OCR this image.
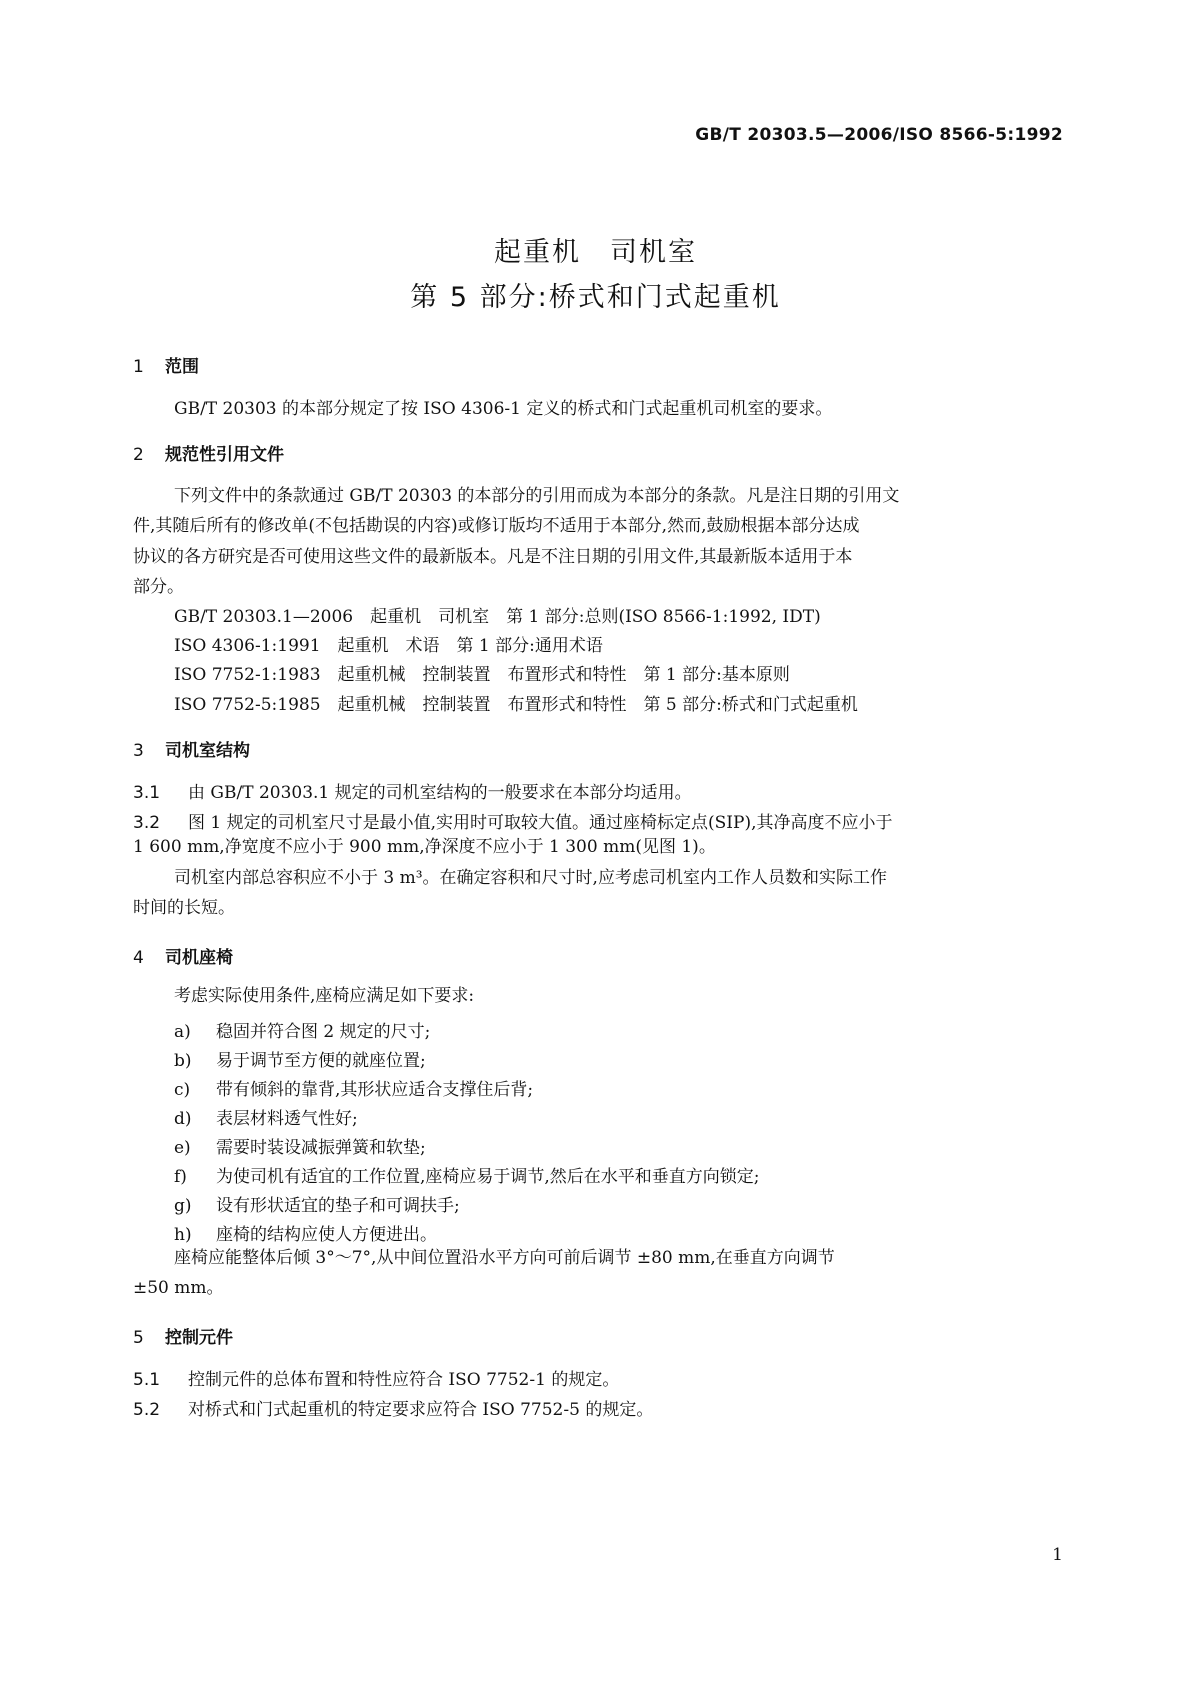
GB/T 20303.5—2006/ISO 8566-5:1992
起重机　司机室
第 5 部分:桥式和门式起重机
1 范围
GB/T 20303 的本部分规定了按 ISO 4306-1 定义的桥式和门式起重机司机室的要求。
2 规范性引用文件
下列文件中的条款通过 GB/T 20303 的本部分的引用而成为本部分的条款。凡是注日期的引用文
件,其随后所有的修改单(不包括勘误的内容)或修订版均不适用于本部分,然而,鼓励根据本部分达成
协议的各方研究是否可使用这些文件的最新版本。凡是不注日期的引用文件,其最新版本适用于本
部分。
GB/T 20303.1—2006　起重机　司机室　第 1 部分:总则(ISO 8566-1:1992, IDT)
ISO 4306-1:1991　起重机　术语　第 1 部分:通用术语
ISO 7752-1:1983　起重机械　控制装置　布置形式和特性　第 1 部分:基本原则
ISO 7752-5:1985　起重机械　控制装置　布置形式和特性　第 5 部分:桥式和门式起重机
3 司机室结构
3.1 由 GB/T 20303.1 规定的司机室结构的一般要求在本部分均适用。
3.2 图 1 规定的司机室尺寸是最小值,实用时可取较大值。通过座椅标定点(SIP),其净高度不应小于
1 600 mm,净宽度不应小于 900 mm,净深度不应小于 1 300 mm(见图 1)。
司机室内部总容积应不小于 3 m³。在确定容积和尺寸时,应考虑司机室内工作人员数和实际工作
时间的长短。
4 司机座椅
考虑实际使用条件,座椅应满足如下要求:
a) 稳固并符合图 2 规定的尺寸;
b) 易于调节至方便的就座位置;
c) 带有倾斜的靠背,其形状应适合支撑住后背;
d) 表层材料透气性好;
e) 需要时装设减振弹簧和软垫;
f) 为使司机有适宜的工作位置,座椅应易于调节,然后在水平和垂直方向锁定;
g) 设有形状适宜的垫子和可调扶手;
h) 座椅的结构应使人方便进出。
座椅应能整体后倾 3°～7°,从中间位置沿水平方向可前后调节 ±80 mm,在垂直方向调节
±50 mm。
5 控制元件
5.1 控制元件的总体布置和特性应符合 ISO 7752-1 的规定。
5.2 对桥式和门式起重机的特定要求应符合 ISO 7752-5 的规定。
1
